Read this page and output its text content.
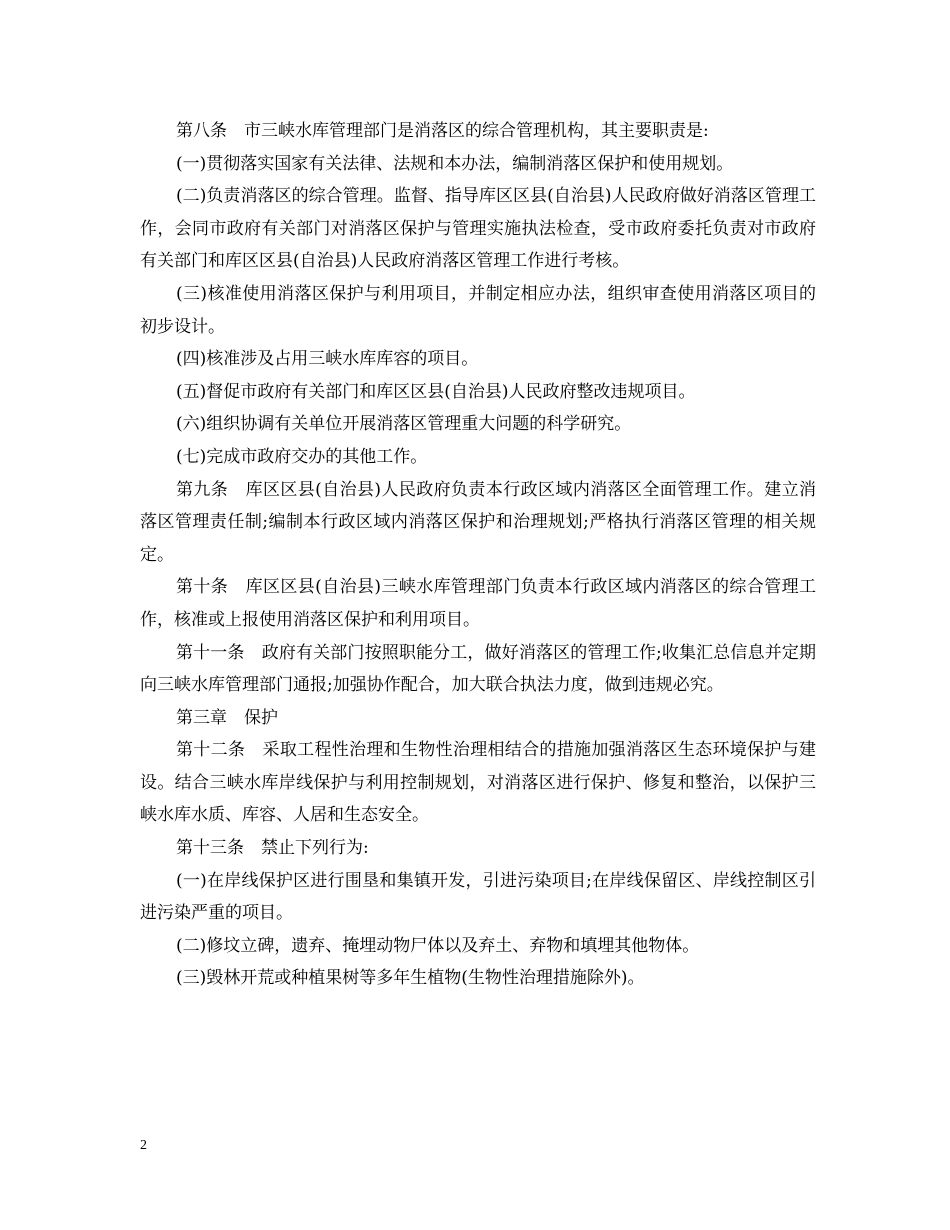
第八条　市三峡水库管理部门是消落区的综合管理机构，其主要职责是:

(一)贯彻落实国家有关法律、法规和本办法，编制消落区保护和使用规划。

(二)负责消落区的综合管理。监督、指导库区区县(自治县)人民政府做好消落区管理工作，会同市政府有关部门对消落区保护与管理实施执法检查，受市政府委托负责对市政府有关部门和库区区县(自治县)人民政府消落区管理工作进行考核。

(三)核准使用消落区保护与利用项目，并制定相应办法，组织审查使用消落区项目的初步设计。

(四)核准涉及占用三峡水库库容的项目。

(五)督促市政府有关部门和库区区县(自治县)人民政府整改违规项目。

(六)组织协调有关单位开展消落区管理重大问题的科学研究。

(七)完成市政府交办的其他工作。

第九条　库区区县(自治县)人民政府负责本行政区域内消落区全面管理工作。建立消落区管理责任制;编制本行政区域内消落区保护和治理规划;严格执行消落区管理的相关规定。

第十条　库区区县(自治县)三峡水库管理部门负责本行政区域内消落区的综合管理工作，核准或上报使用消落区保护和利用项目。

第十一条　政府有关部门按照职能分工，做好消落区的管理工作;收集汇总信息并定期向三峡水库管理部门通报;加强协作配合，加大联合执法力度，做到违规必究。

第三章　保护

第十二条　采取工程性治理和生物性治理相结合的措施加强消落区生态环境保护与建设。结合三峡水库岸线保护与利用控制规划，对消落区进行保护、修复和整治，以保护三峡水库水质、库容、人居和生态安全。

第十三条　禁止下列行为:

(一)在岸线保护区进行围垦和集镇开发，引进污染项目;在岸线保留区、岸线控制区引进污染严重的项目。

(二)修坟立碑，遗弃、掩埋动物尸体以及弃土、弃物和填埋其他物体。

(三)毁林开荒或种植果树等多年生植物(生物性治理措施除外)。

2
